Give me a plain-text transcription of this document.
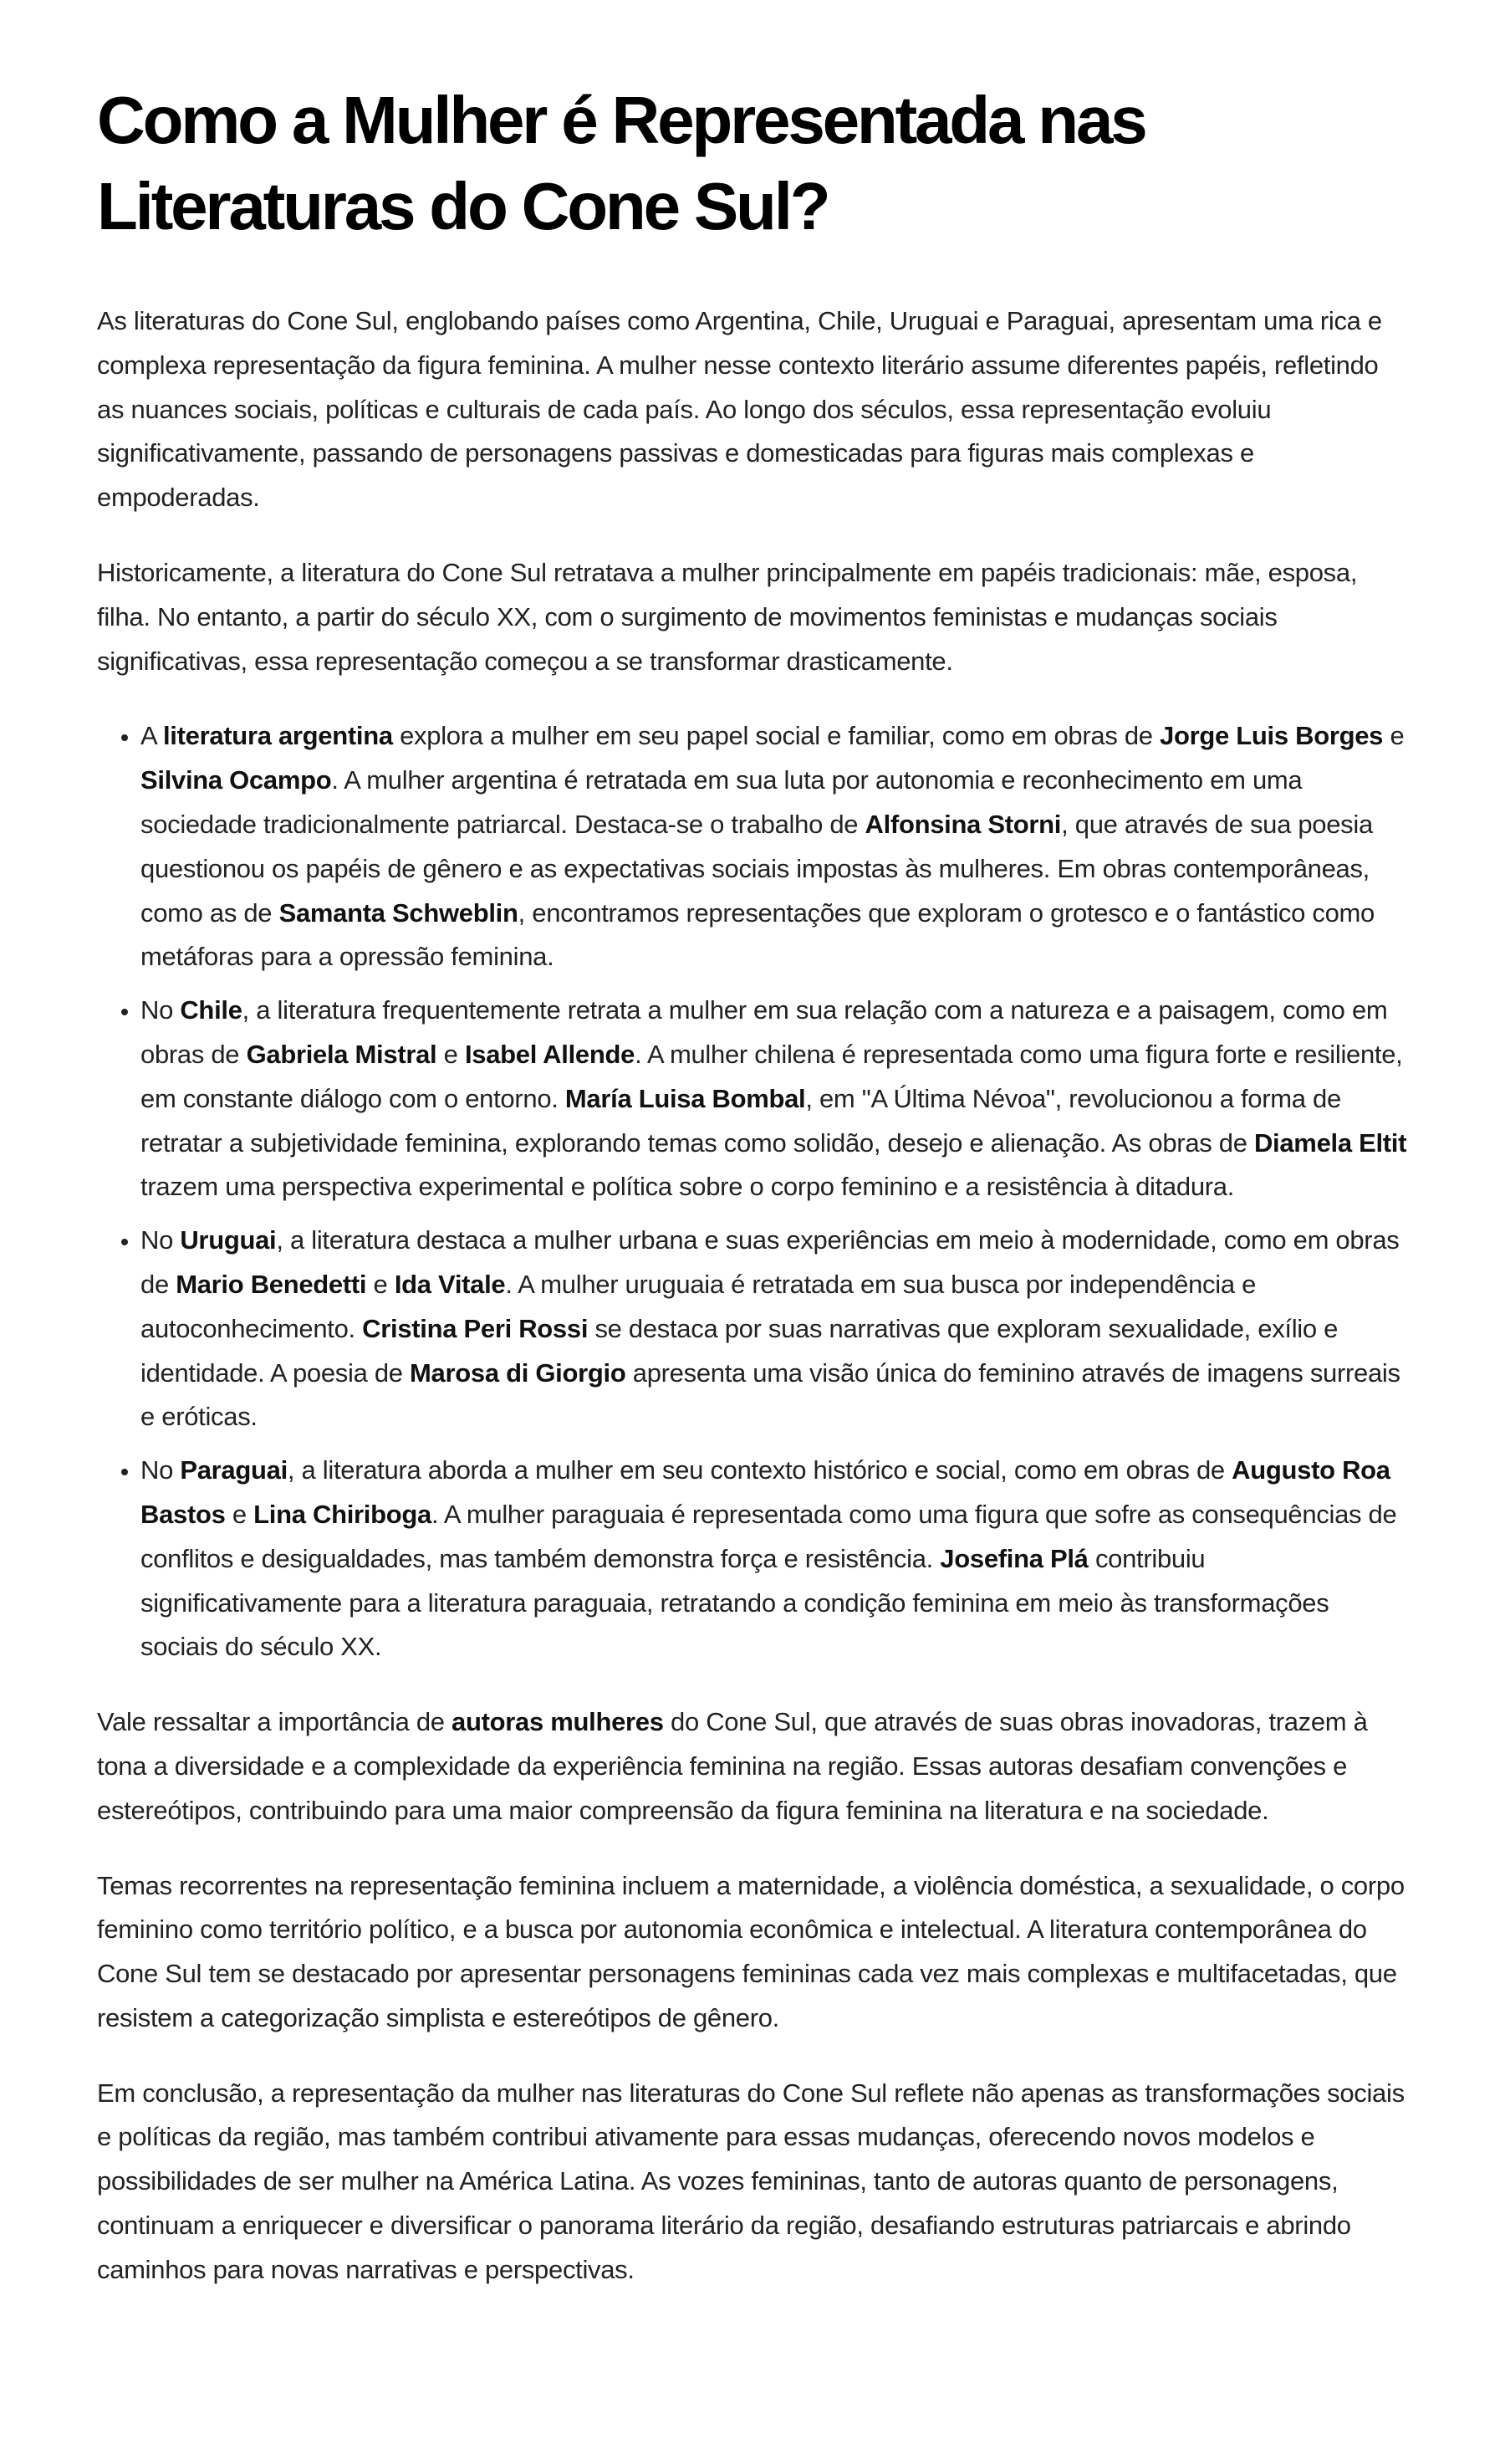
Como a Mulher é Representada nas Literaturas do Cone Sul?

As literaturas do Cone Sul, englobando países como Argentina, Chile, Uruguai e Paraguai, apresentam uma rica e complexa representação da figura feminina. A mulher nesse contexto literário assume diferentes papéis, refletindo as nuances sociais, políticas e culturais de cada país. Ao longo dos séculos, essa representação evoluiu significativamente, passando de personagens passivas e domesticadas para figuras mais complexas e empoderadas.

Historicamente, a literatura do Cone Sul retratava a mulher principalmente em papéis tradicionais: mãe, esposa, filha. No entanto, a partir do século XX, com o surgimento de movimentos feministas e mudanças sociais significativas, essa representação começou a se transformar drasticamente.

• A literatura argentina explora a mulher em seu papel social e familiar, como em obras de Jorge Luis Borges e Silvina Ocampo. A mulher argentina é retratada em sua luta por autonomia e reconhecimento em uma sociedade tradicionalmente patriarcal. Destaca-se o trabalho de Alfonsina Storni, que através de sua poesia questionou os papéis de gênero e as expectativas sociais impostas às mulheres. Em obras contemporâneas, como as de Samanta Schweblin, encontramos representações que exploram o grotesco e o fantástico como metáforas para a opressão feminina.
• No Chile, a literatura frequentemente retrata a mulher em sua relação com a natureza e a paisagem, como em obras de Gabriela Mistral e Isabel Allende. A mulher chilena é representada como uma figura forte e resiliente, em constante diálogo com o entorno. María Luisa Bombal, em "A Última Névoa", revolucionou a forma de retratar a subjetividade feminina, explorando temas como solidão, desejo e alienação. As obras de Diamela Eltit trazem uma perspectiva experimental e política sobre o corpo feminino e a resistência à ditadura.
• No Uruguai, a literatura destaca a mulher urbana e suas experiências em meio à modernidade, como em obras de Mario Benedetti e Ida Vitale. A mulher uruguaia é retratada em sua busca por independência e autoconhecimento. Cristina Peri Rossi se destaca por suas narrativas que exploram sexualidade, exílio e identidade. A poesia de Marosa di Giorgio apresenta uma visão única do feminino através de imagens surreais e eróticas.
• No Paraguai, a literatura aborda a mulher em seu contexto histórico e social, como em obras de Augusto Roa Bastos e Lina Chiriboga. A mulher paraguaia é representada como uma figura que sofre as consequências de conflitos e desigualdades, mas também demonstra força e resistência. Josefina Plá contribuiu significativamente para a literatura paraguaia, retratando a condição feminina em meio às transformações sociais do século XX.

Vale ressaltar a importância de autoras mulheres do Cone Sul, que através de suas obras inovadoras, trazem à tona a diversidade e a complexidade da experiência feminina na região. Essas autoras desafiam convenções e estereótipos, contribuindo para uma maior compreensão da figura feminina na literatura e na sociedade.

Temas recorrentes na representação feminina incluem a maternidade, a violência doméstica, a sexualidade, o corpo feminino como território político, e a busca por autonomia econômica e intelectual. A literatura contemporânea do Cone Sul tem se destacado por apresentar personagens femininas cada vez mais complexas e multifacetadas, que resistem a categorização simplista e estereótipos de gênero.

Em conclusão, a representação da mulher nas literaturas do Cone Sul reflete não apenas as transformações sociais e políticas da região, mas também contribui ativamente para essas mudanças, oferecendo novos modelos e possibilidades de ser mulher na América Latina. As vozes femininas, tanto de autoras quanto de personagens, continuam a enriquecer e diversificar o panorama literário da região, desafiando estruturas patriarcais e abrindo caminhos para novas narrativas e perspectivas.
